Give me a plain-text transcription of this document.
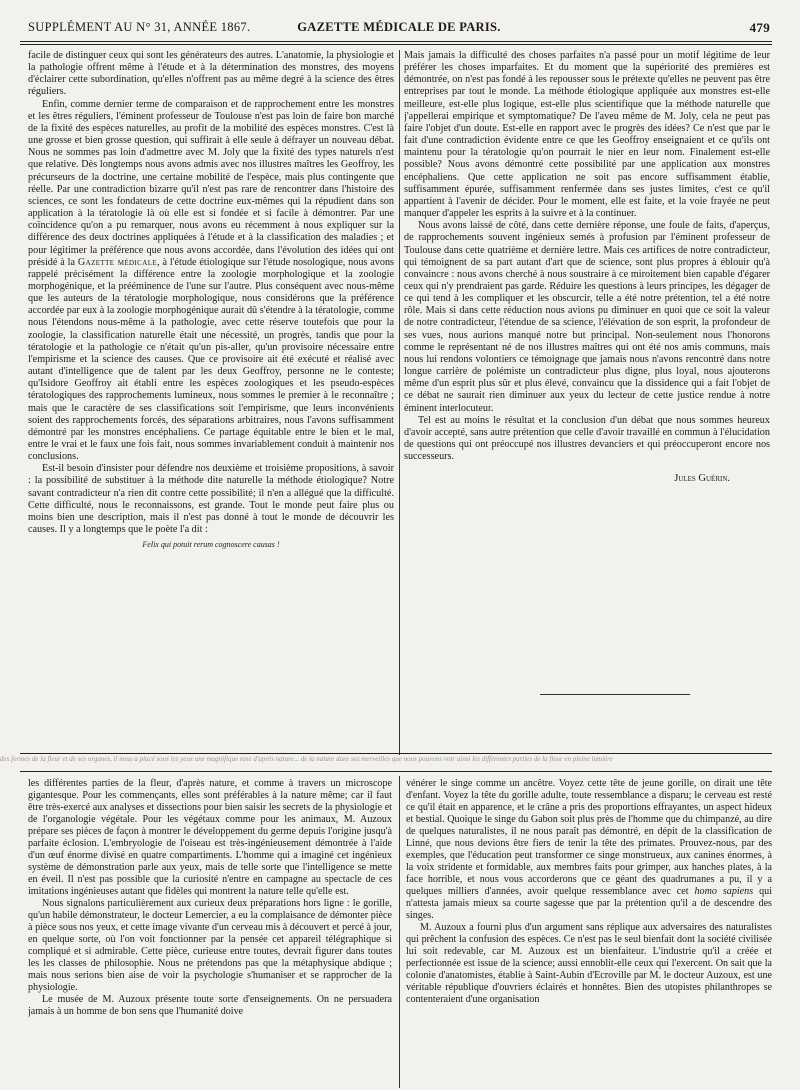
SUPPLÉMENT AU N° 31, ANNÉE 1867.	GAZETTE MÉDICALE DE PARIS.	479

facile de distinguer ceux qui sont les générateurs des autres. L'anatomie, la physiologie et la pathologie offrent même à l'étude et à la détermination des monstres, des moyens d'éclairer cette subordination, qu'elles n'offrent pas au même degré à la science des êtres réguliers.

Enfin, comme dernier terme de comparaison et de rapprochement entre les monstres et les êtres réguliers, l'éminent professeur de Toulouse n'est pas loin de faire bon marché de la fixité des espèces naturelles, au profit de la mobilité des espèces monstres. C'est là une grosse et bien grosse question, qui suffirait à elle seule à défrayer un nouveau débat. Nous ne sommes pas loin d'admettre avec M. Joly que la fixité des types naturels n'est que relative. Dès longtemps nous avons admis avec nos illustres maîtres les Geoffroy, les précurseurs de la doctrine, une certaine mobilité de l'espèce, mais plus contingente que réelle. Par une contradiction bizarre qu'il n'est pas rare de rencontrer dans l'histoire des sciences, ce sont les fondateurs de cette doctrine eux-mêmes qui la répudient dans son application à la tératologie là où elle est si fondée et si facile à démontrer. Par une coïncidence qu'on a pu remarquer, nous avons eu récemment à nous expliquer sur la différence des deux doctrines appliquées à l'étude et à la classification des maladies ; et pour légitimer la préférence que nous avons accordée, dans l'évolution des idées qui ont présidé à la Gazette médicale, à l'étude étiologique sur l'étude nosologique, nous avons rappelé précisément la différence entre la zoologie morphologique et la zoologie morphogénique, et la prééminence de l'une sur l'autre. Plus conséquent avec nous-même que les auteurs de la tératologie morphologique, nous considérons que la préférence accordée par eux à la zoologie morphogénique aurait dû s'étendre à la tératologie, comme nous l'étendons nous-même à la pathologie, avec cette réserve toutefois que pour la zoologie, la classification naturelle était une nécessité, un progrès, tandis que pour la tératologie et la pathologie ce n'était qu'un pis-aller, qu'un provisoire nécessaire entre l'empirisme et la science des causes. Que ce provisoire ait été exécuté et réalisé avec autant d'intelligence que de talent par les deux Geoffroy, personne ne le conteste; qu'Isidore Geoffroy ait établi entre les espèces zoologiques et les pseudo-espèces tératologiques des rapprochements lumineux, nous sommes le premier à le reconnaître ; mais que le caractère de ses classifications soit l'empirisme, que leurs inconvénients soient des rapprochements forcés, des séparations arbitraires, nous l'avons suffisamment démontré par les monstres encéphaliens. Ce partage équitable entre le bien et le mal, entre le vrai et le faux une fois fait, nous sommes invariablement conduit à maintenir nos conclusions.

Est-il besoin d'insister pour défendre nos deuxième et troisième propositions, à savoir : la possibilité de substituer à la méthode dite naturelle la méthode étiologique? Notre savant contradicteur n'a rien dit contre cette possibilité; il n'en a allégué que la difficulté. Cette difficulté, nous le reconnaissons, est grande. Tout le monde peut faire plus ou moins bien une description, mais il n'est pas donné à tout le monde de découvrir les causes. Il y a longtemps que le poète l'a dit :

Felix qui potuit rerum cognoscere causas !

Mais jamais la difficulté des choses parfaites n'a passé pour un motif légitime de leur préférer les choses imparfaites. Et du moment que la supériorité des premières est démontrée, on n'est pas fondé à les repousser sous le prétexte qu'elles ne peuvent pas être entreprises par tout le monde. La méthode étiologique appliquée aux monstres est-elle meilleure, est-elle plus logique, est-elle plus scientifique que la méthode naturelle que j'appellerai empirique et symptomatique? De l'aveu même de M. Joly, cela ne peut pas faire l'objet d'un doute. Est-elle en rapport avec le progrès des idées? Ce n'est que par le fait d'une contradiction évidente entre ce que les Geoffroy enseignaient et ce qu'ils ont maintenu pour la tératologie qu'on pourrait le nier en leur nom. Finalement est-elle possible? Nous avons démontré cette possibilité par une application aux monstres encéphaliens. Que cette application ne soit pas encore suffisamment établie, suffisamment épurée, suffisamment renfermée dans ses justes limites, c'est ce qu'il appartient à l'avenir de décider. Pour le moment, elle est faite, et la voie frayée ne peut manquer d'appeler les esprits à la suivre et à la continuer.

Nous avons laissé de côté, dans cette dernière réponse, une foule de faits, d'aperçus, de rapprochements souvent ingénieux semés à profusion par l'éminent professeur de Toulouse dans cette quatrième et dernière lettre. Mais ces artifices de notre contradicteur, qui témoignent de sa part autant d'art que de science, sont plus propres à éblouir qu'à convaincre : nous avons cherché à nous soustraire à ce miroitement bien capable d'égarer ceux qui n'y prendraient pas garde. Réduire les questions à leurs principes, les dégager de ce qui tend à les compliquer et les obscurcir, telle a été notre prétention, tel a été notre rôle. Mais si dans cette réduction nous avions pu diminuer en quoi que ce soit la valeur de notre contradicteur, l'étendue de sa science, l'élévation de son esprit, la profondeur de ses vues, nous aurions manqué notre but principal. Non-seulement nous l'honorons comme le représentant né de nos illustres maîtres qui ont été nos amis communs, mais nous lui rendons volontiers ce témoignage que jamais nous n'avons rencontré dans notre longue carrière de polémiste un contradicteur plus digne, plus loyal, nous ajouterons même d'un esprit plus sûr et plus élevé, convaincu que la dissidence qui a fait l'objet de ce débat ne saurait rien diminuer aux yeux du lecteur de cette justice rendue à notre éminent interlocuteur.

Tel est au moins le résultat et la conclusion d'un débat que nous sommes heureux d'avoir accepté, sans autre prétention que celle d'avoir travaillé en commun à l'élucidation de questions qui ont préoccupé nos illustres devanciers et qui préoccuperont encore nos successeurs.

Jules Guérin.
des formes de la fleur et de ses organes, il nous a placé sous les yeux une magnifique rose d'après nature... de la nature dans ses merveilles que nous pouvons voir ainsi les différentes parties de la fleur en pleine lumière

les différentes parties de la fleur, d'après nature, et comme à travers un microscope gigantesque. Pour les commençants, elles sont préférables à la nature même; car il faut être très-exercé aux analyses et dissections pour bien saisir les secrets de la physiologie et de l'organologie végétale. Pour les végétaux comme pour les animaux, M. Auzoux prépare ses pièces de façon à montrer le développement du germe depuis l'origine jusqu'à parfaite éclosion. L'embryologie de l'oiseau est très-ingénieusement démontrée à l'aide d'un œuf énorme divisé en quatre compartiments. L'homme qui a imaginé cet ingénieux système de démonstration parle aux yeux, mais de telle sorte que l'intelligence se mette en éveil. Il n'est pas possible que la curiosité n'entre en campagne au spectacle de ces imitations ingénieuses autant que fidèles qui montrent la nature telle qu'elle est.

Nous signalons particulièrement aux curieux deux préparations hors ligne : le gorille, qu'un habile démonstrateur, le docteur Lemercier, a eu la complaisance de démonter pièce à pièce sous nos yeux, et cette image vivante d'un cerveau mis à découvert et percé à jour, en quelque sorte, où l'on voit fonctionner par la pensée cet appareil télégraphique si compliqué et si admirable. Cette pièce, curieuse entre toutes, devrait figurer dans toutes les les classes de philosophie. Nous ne prétendons pas que la métaphysique abdique ; mais nous serions bien aise de voir la psychologie s'humaniser et se rapprocher de la physiologie.

Le musée de M. Auzoux présente toute sorte d'enseignements. On ne persuadera jamais à un homme de bon sens que l'humanité doive

vénérer le singe comme un ancêtre. Voyez cette tête de jeune gorille, on dirait une tête d'enfant. Voyez la tête du gorille adulte, toute ressemblance a disparu; le cerveau est resté ce qu'il était en apparence, et le crâne a pris des proportions effrayantes, un aspect hideux et bestial. Quoique le singe du Gabon soit plus près de l'homme que du chimpanzé, au dire de quelques naturalistes, il ne nous paraît pas démontré, en dépit de la classification de Linné, que nous devions être fiers de tenir la tête des primates. Prouvez-nous, par des exemples, que l'éducation peut transformer ce singe monstrueux, aux canines énormes, à la voix stridente et formidable, aux membres faits pour grimper, aux hanches plates, à la face horrible, et nous vous accorderons que ce géant des quadrumanes a pu, il y a quelques milliers d'années, avoir quelque ressemblance avec cet homo sapiens qui n'attesta jamais mieux sa courte sagesse que par la prétention qu'il a de descendre des singes.

M. Auzoux a fourni plus d'un argument sans réplique aux adversaires des naturalistes qui prêchent la confusion des espèces. Ce n'est pas le seul bienfait dont la société civilisée lui soit redevable, car M. Auzoux est un bienfaiteur. L'industrie qu'il a créée et perfectionnée est issue de la science; aussi ennoblit-elle ceux qui l'exercent. On sait que la colonie d'anatomistes, établie à Saint-Aubin d'Ecroville par M. le docteur Auzoux, est une véritable république d'ouvriers éclairés et honnêtes. Bien des utopistes philanthropes se contenteraient d'une organisation
